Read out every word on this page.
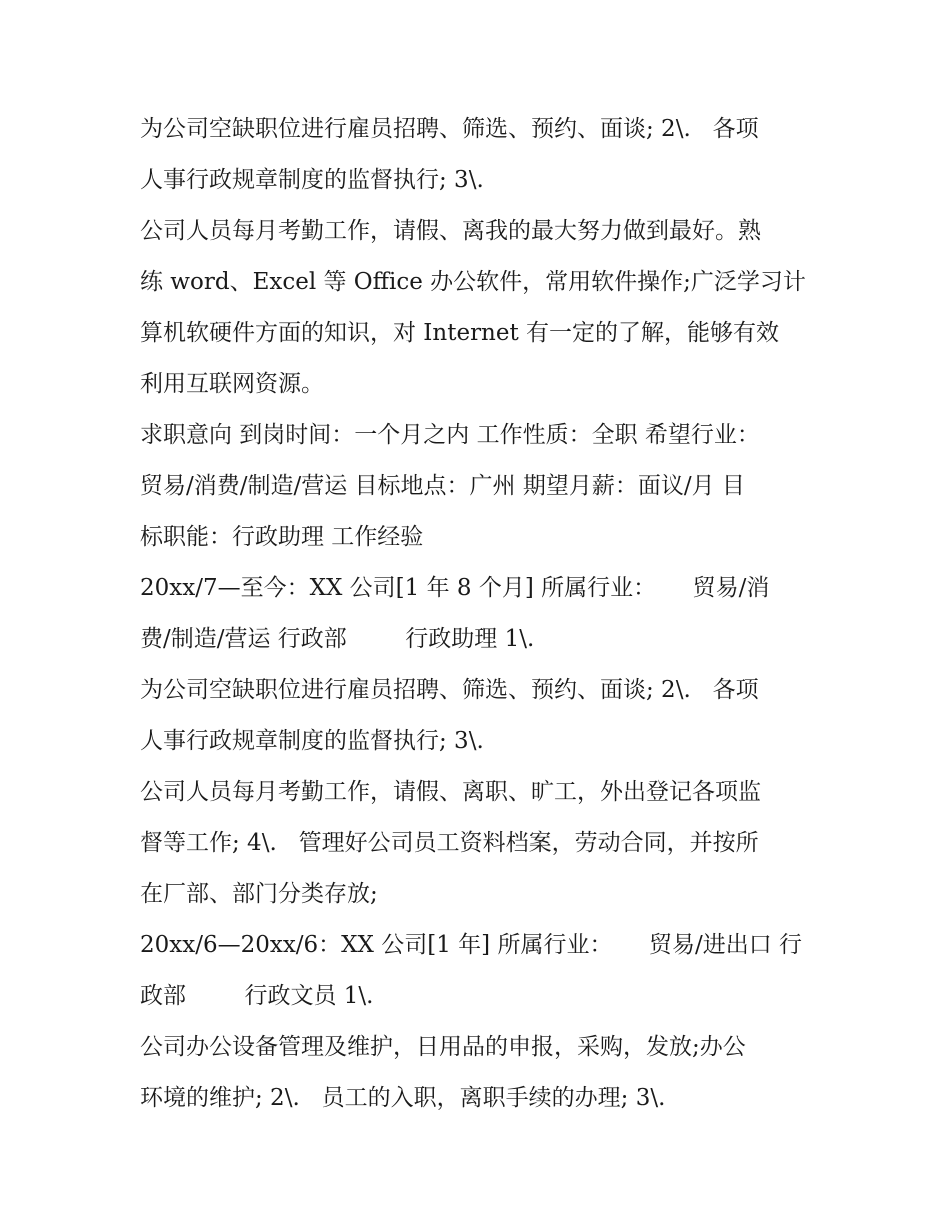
为公司空缺职位进行雇员招聘、筛选、预约、面谈; 2\.   各项
人事行政规章制度的监督执行; 3\.
公司人员每月考勤工作，请假、离我的最大努力做到最好。熟
练 word、Excel 等 Office 办公软件，常用软件操作;广泛学习计
算机软硬件方面的知识，对 Internet 有一定的了解，能够有效
利用互联网资源。
求职意向 到岗时间：一个月之内 工作性质：全职 希望行业：
贸易/消费/制造/营运 目标地点：广州 期望月薪：面议/月 目
标职能：行政助理 工作经验
20xx/7—至今：XX 公司[1 年 8 个月] 所属行业：     贸易/消
费/制造/营运 行政部        行政助理 1\.
为公司空缺职位进行雇员招聘、筛选、预约、面谈; 2\.   各项
人事行政规章制度的监督执行; 3\.
公司人员每月考勤工作，请假、离职、旷工，外出登记各项监
督等工作; 4\.   管理好公司员工资料档案，劳动合同，并按所
在厂部、部门分类存放;
20xx/6—20xx/6：XX 公司[1 年] 所属行业：     贸易/进出口 行
政部        行政文员 1\.
公司办公设备管理及维护，日用品的申报，采购，发放;办公
环境的维护; 2\.   员工的入职，离职手续的办理; 3\.
